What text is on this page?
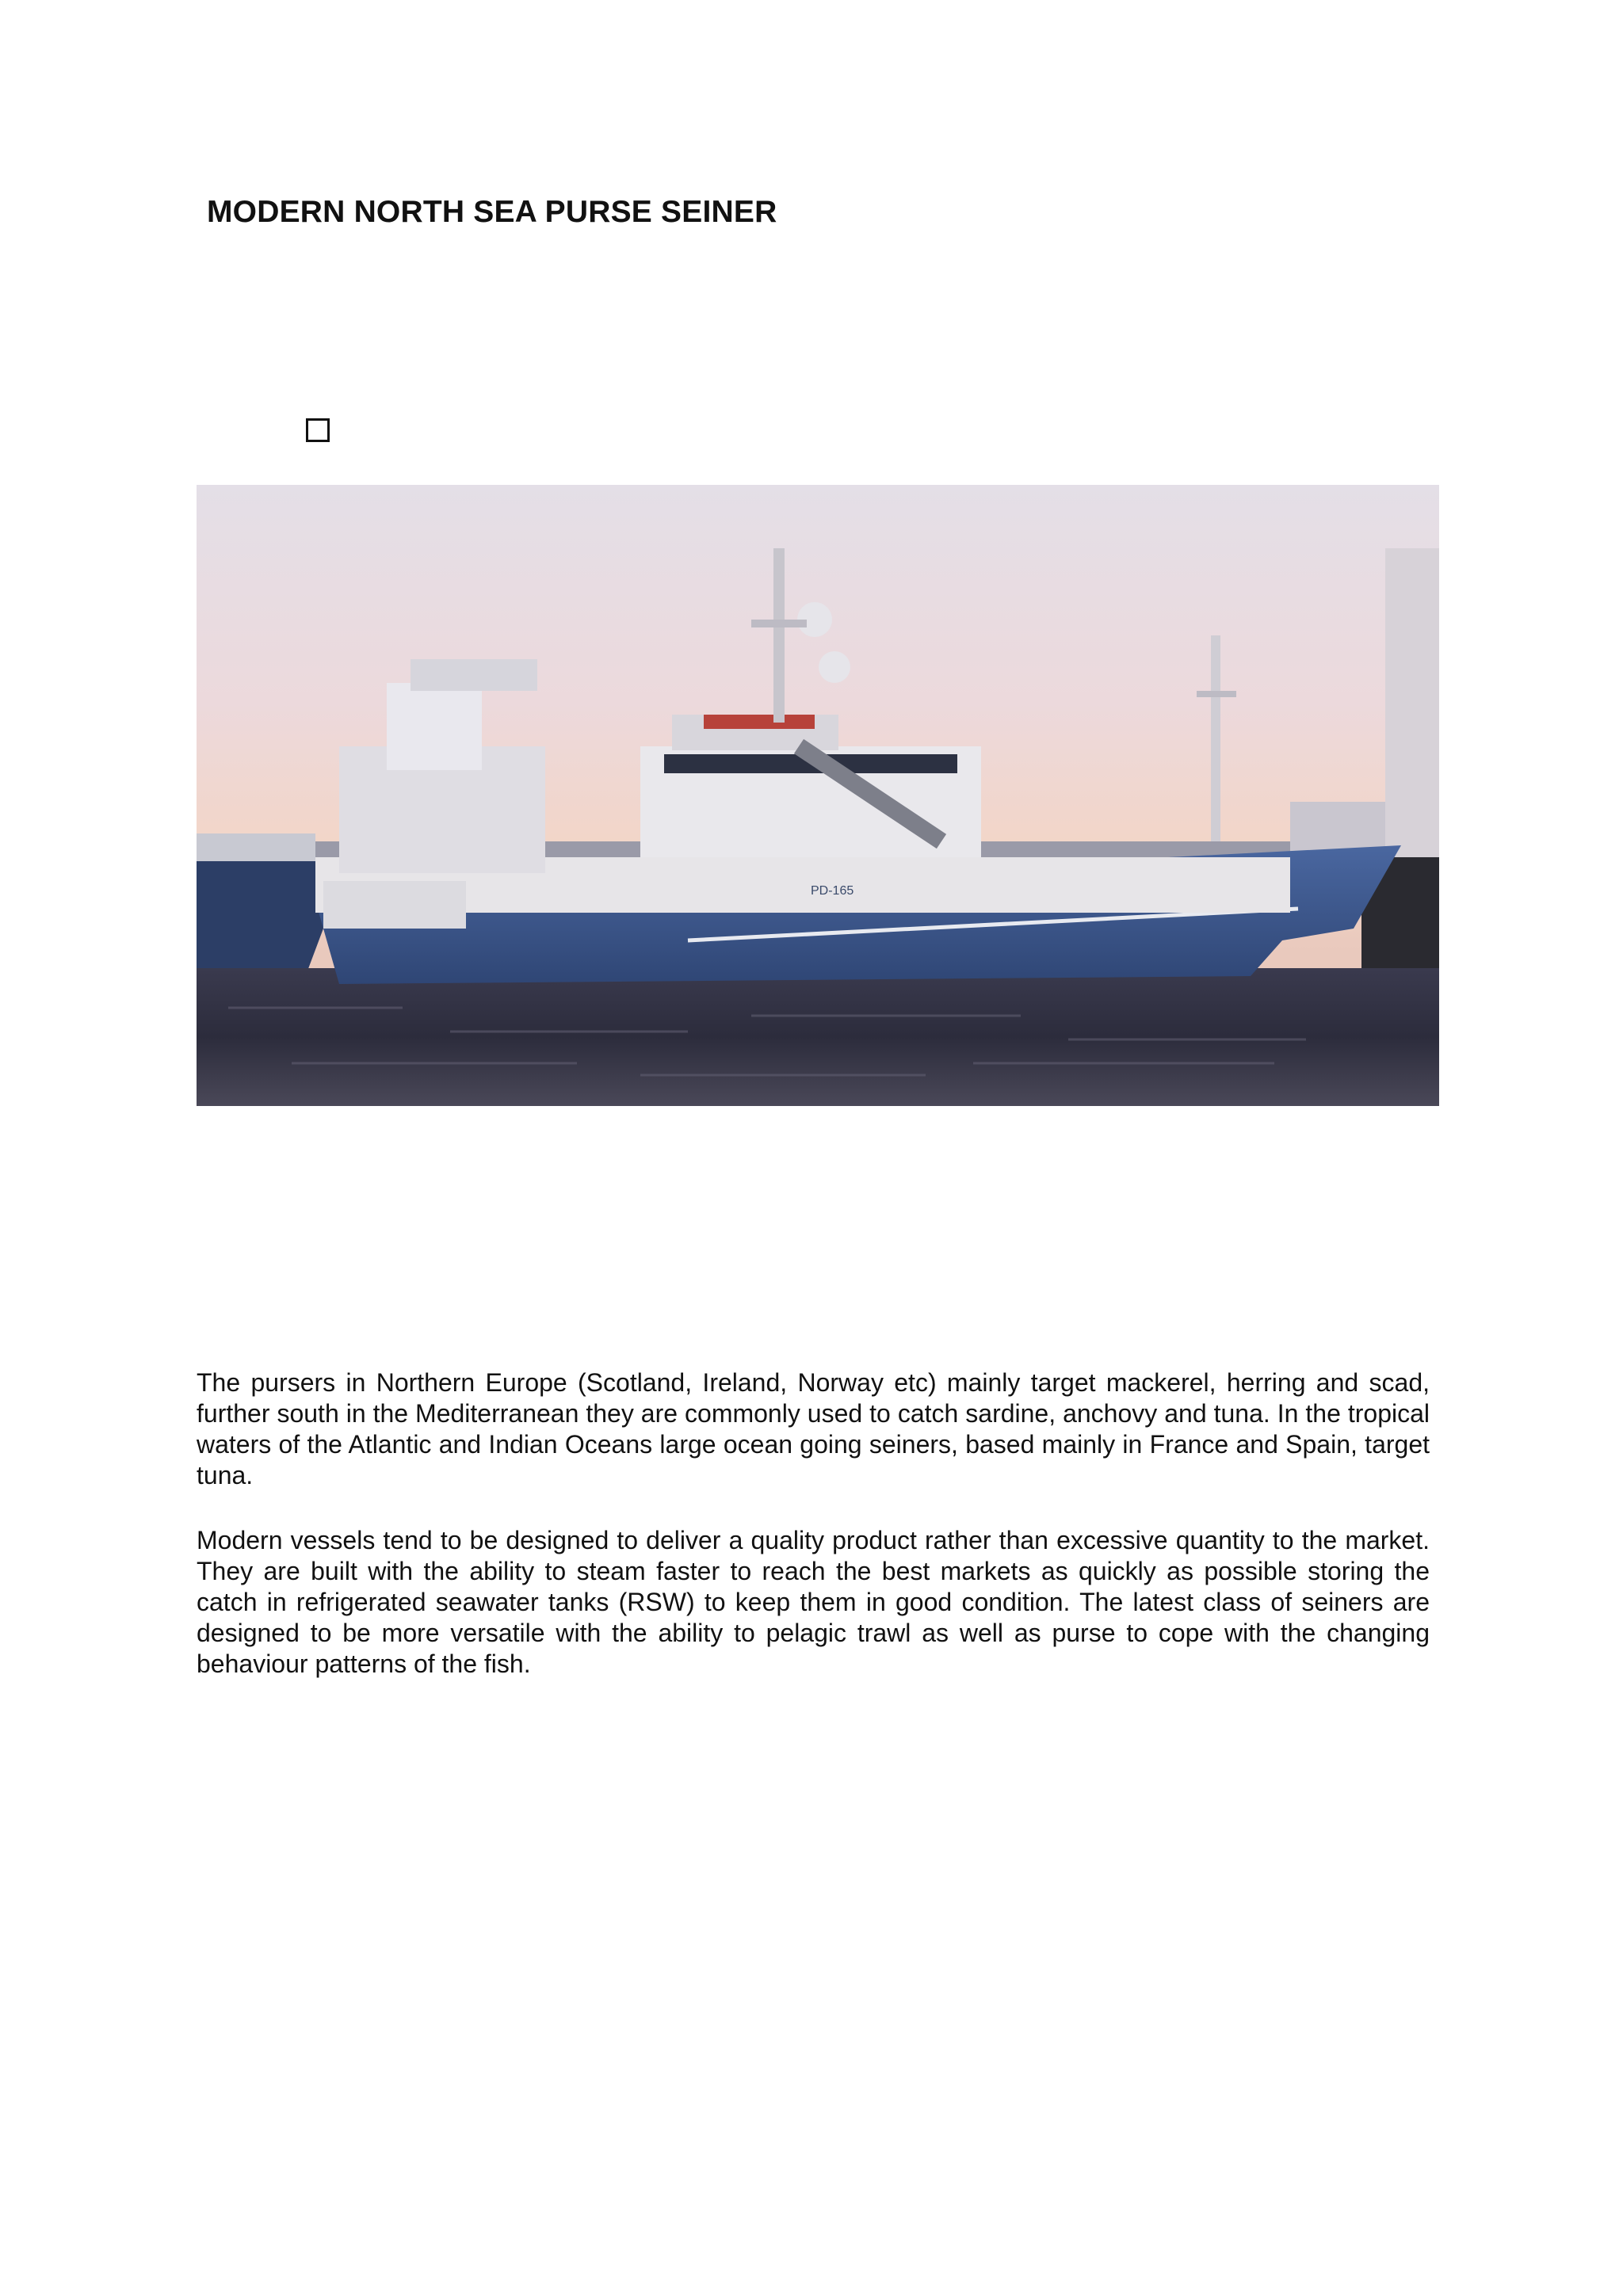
MODERN NORTH SEA PURSE SEINER
PD-165

The pursers in Northern Europe (Scotland, Ireland, Norway etc) mainly target mackerel, herring and scad, further south in the Mediterranean they are commonly used to catch sardine, anchovy and tuna. In the tropical waters of the Atlantic and Indian Oceans large ocean going seiners, based mainly in France and Spain, target tuna.

Modern vessels tend to be designed to deliver a quality product rather than excessive quantity to the market. They are built with the ability to steam faster to reach the best markets as quickly as possible storing the catch in refrigerated seawater tanks (RSW) to keep them in good condition. The latest class of seiners are designed to be more versatile with the ability to pelagic trawl as well as purse to cope with the changing behaviour patterns of the fish.
